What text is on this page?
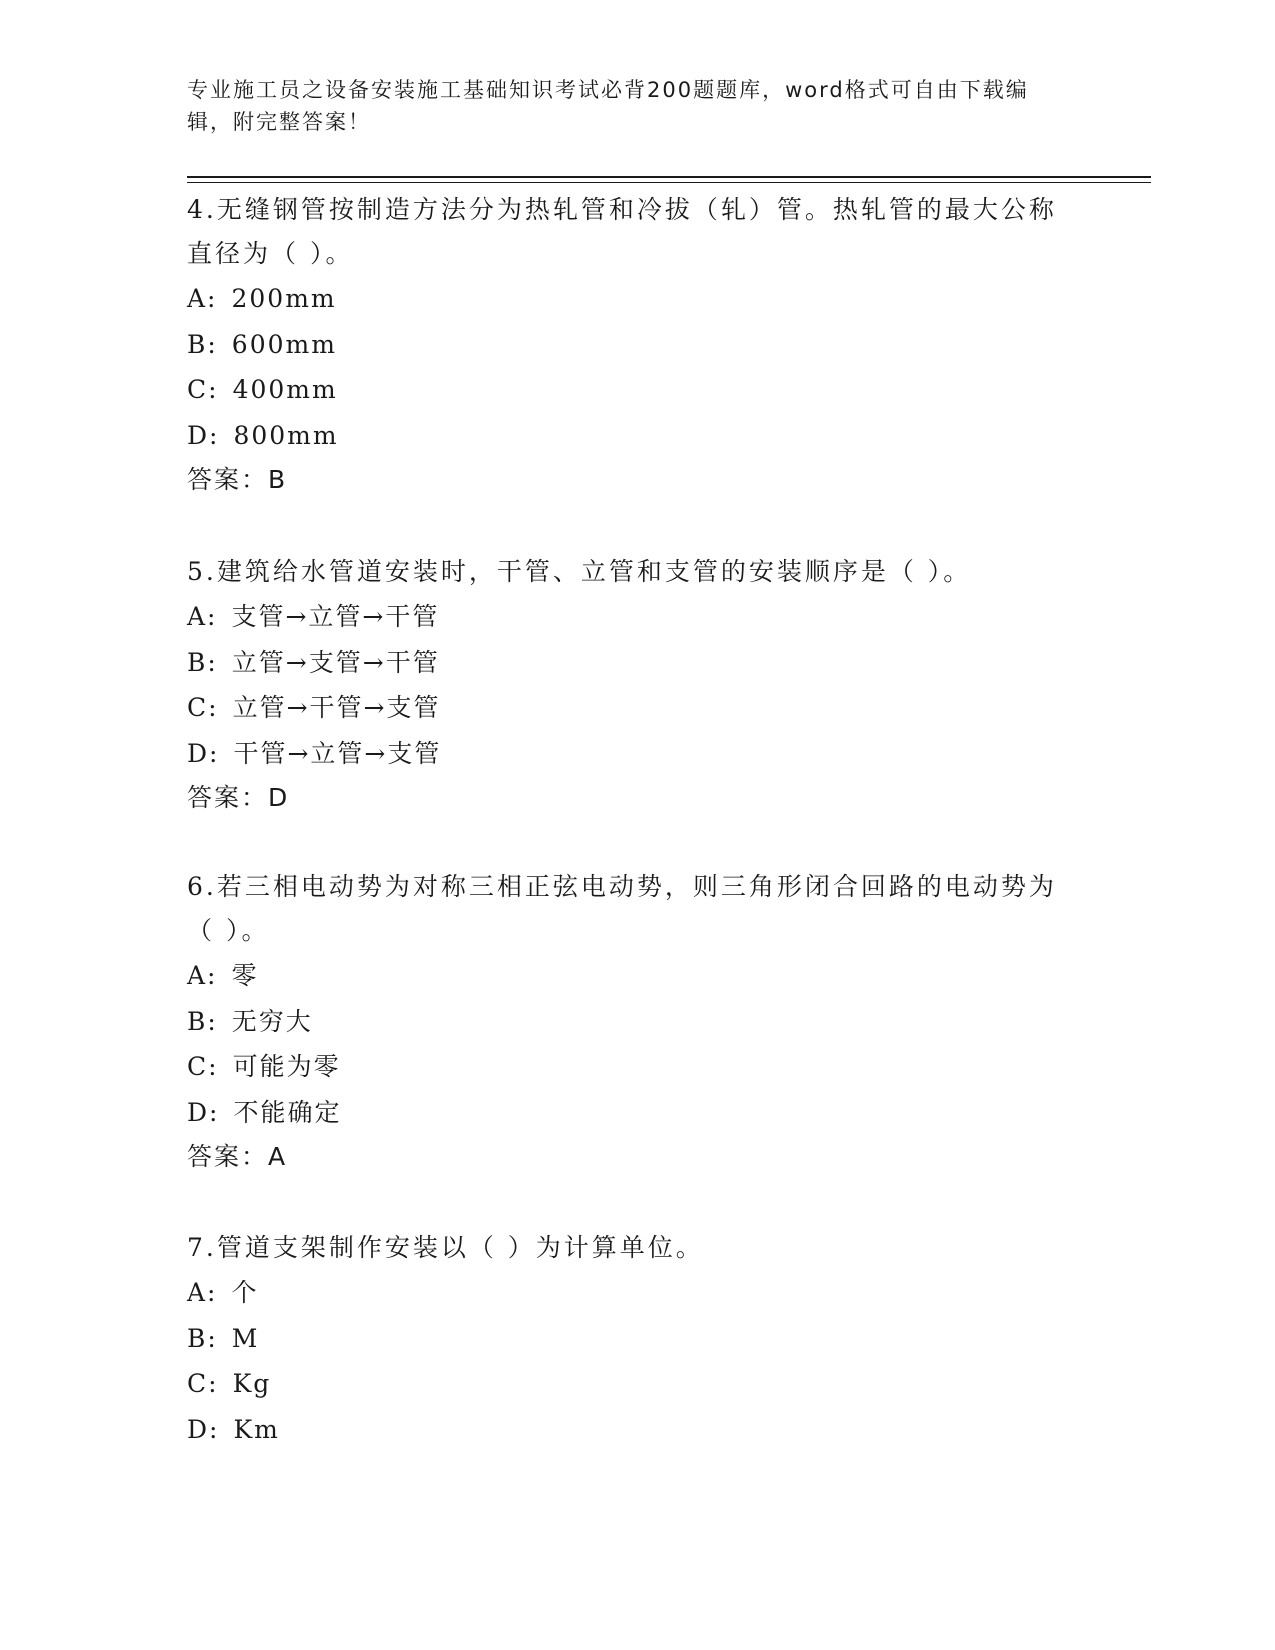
专业施工员之设备安装施工基础知识考试必背200题题库，word格式可自由下载编辑，附完整答案！
4.无缝钢管按制造方法分为热轧管和冷拔（轧）管。热轧管的最大公称直径为（ ）。
A: 200mm
B: 600mm
C: 400mm
D: 800mm
答案：B
5.建筑给水管道安装时，干管、立管和支管的安装顺序是（ ）。
A: 支管→立管→干管
B: 立管→支管→干管
C: 立管→干管→支管
D: 干管→立管→支管
答案：D
6.若三相电动势为对称三相正弦电动势，则三角形闭合回路的电动势为（ ）。
A: 零
B: 无穷大
C: 可能为零
D: 不能确定
答案：A
7.管道支架制作安装以（ ）为计算单位。
A: 个
B: M
C: Kg
D: Km
